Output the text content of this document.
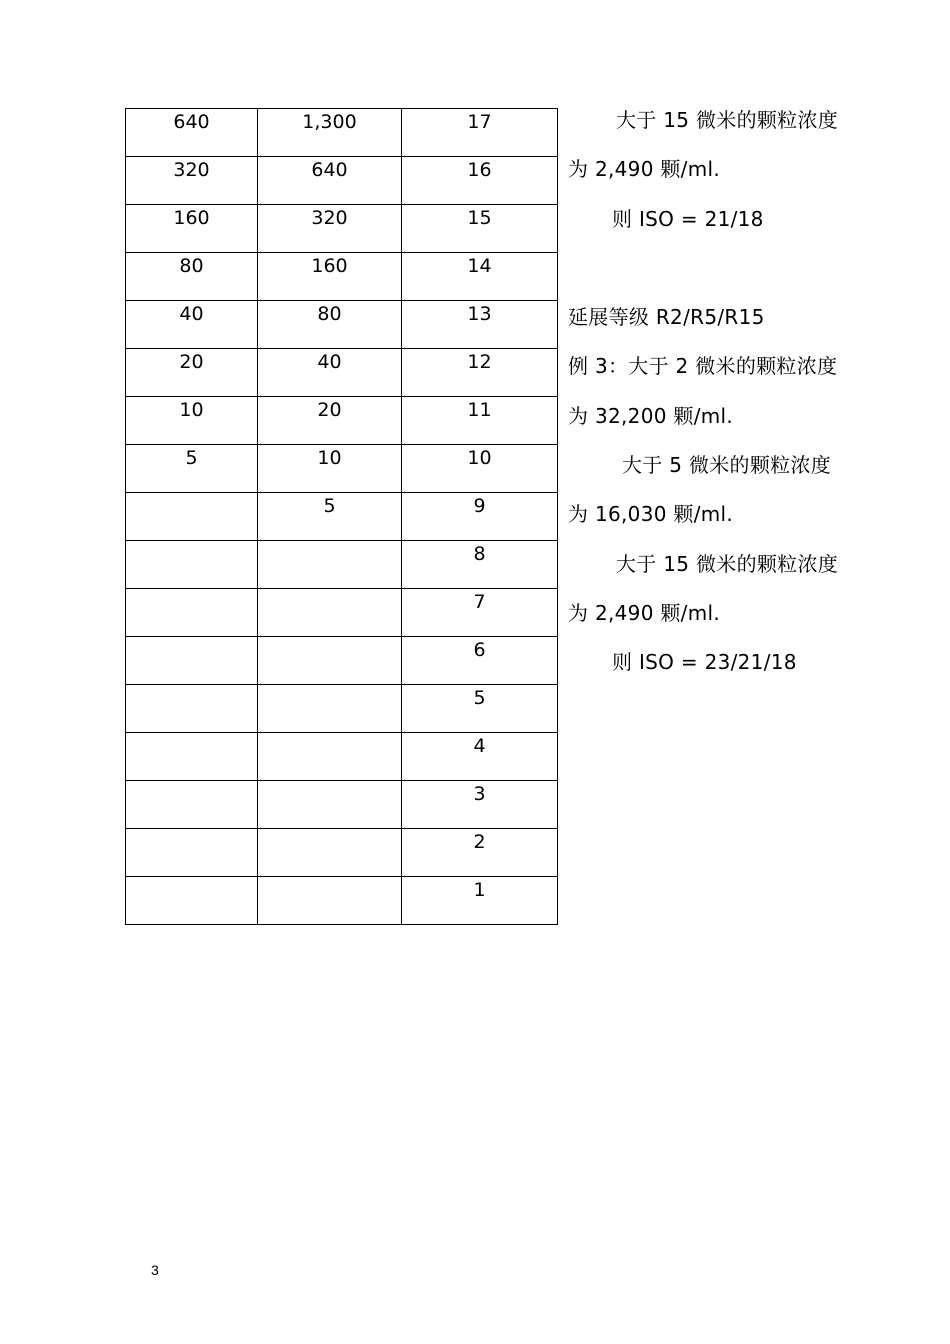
640	1,300	17
320	640	16
160	320	15
80	160	14
40	80	13
20	40	12
10	20	11
5	10	10
	5	9
		8
		7
		6
		5
		4
		3
		2
		1
大于 15 微米的颗粒浓度
为 2,490 颗/ml.
则 ISO = 21/18
延展等级 R2/R5/R15
例 3：大于 2 微米的颗粒浓度
为 32,200 颗/ml.
大于 5 微米的颗粒浓度
为 16,030 颗/ml.
大于 15 微米的颗粒浓度
为 2,490 颗/ml.
则 ISO = 23/21/18
3
